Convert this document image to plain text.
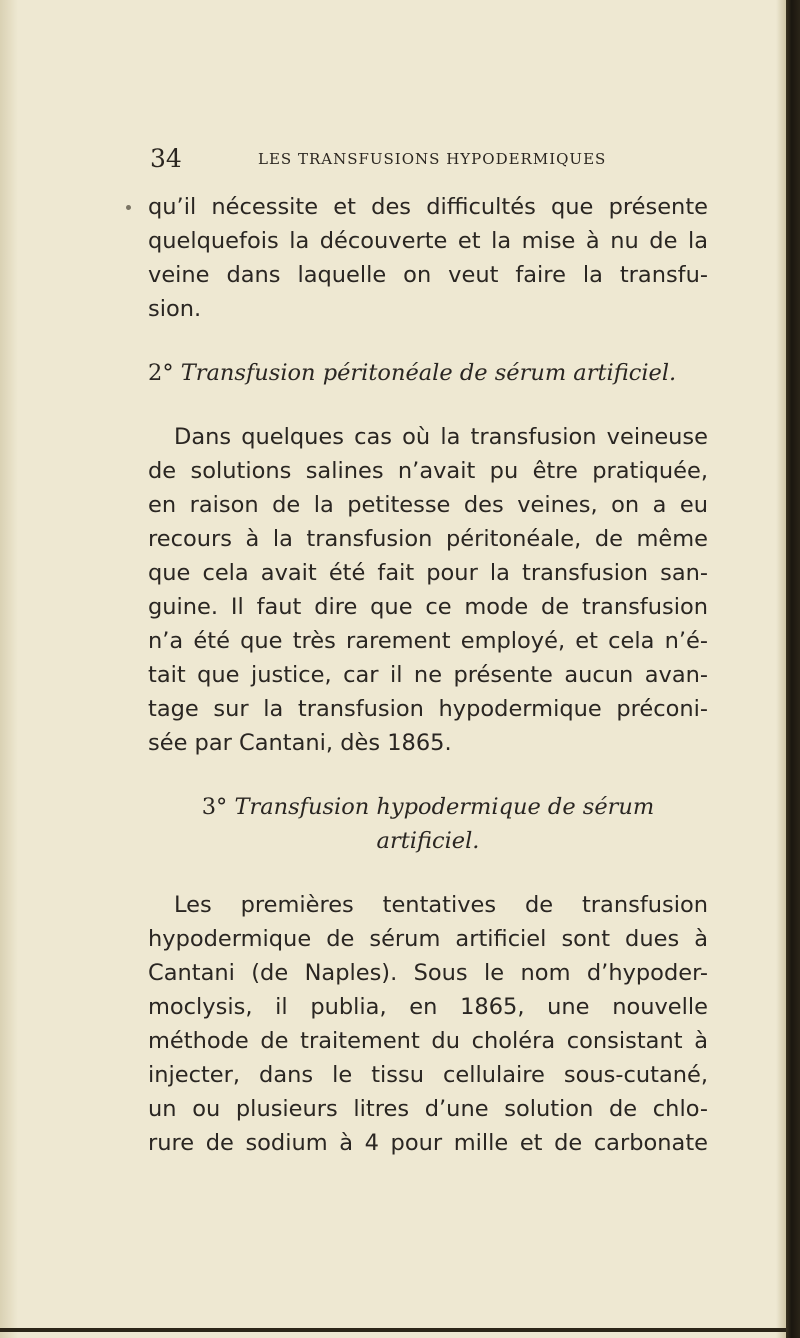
34	LES TRANSFUSIONS HYPODERMIQUES
qu’il nécessite et des difficultés que présente
quelquefois la découverte et la mise à nu de la
veine dans laquelle on veut faire la transfu-
sion.
2° Transfusion péritonéale de sérum artificiel.
Dans quelques cas où la transfusion veineuse
de solutions salines n’avait pu être pratiquée,
en raison de la petitesse des veines, on a eu
recours à la transfusion péritonéale, de même
que cela avait été fait pour la transfusion san-
guine. Il faut dire que ce mode de transfusion
n’a été que très rarement employé, et cela n’é-
tait que justice, car il ne présente aucun avan-
tage sur la transfusion hypodermique préconi-
sée par Cantani, dès 1865.
3° Transfusion hypodermique de sérum
artificiel.
Les premières tentatives de transfusion
hypodermique de sérum artificiel sont dues à
Cantani (de Naples). Sous le nom d’hypoder-
moclysis, il publia, en 1865, une nouvelle
méthode de traitement du choléra consistant à
injecter, dans le tissu cellulaire sous-cutané,
un ou plusieurs litres d’une solution de chlo-
rure de sodium à 4 pour mille et de carbonate
